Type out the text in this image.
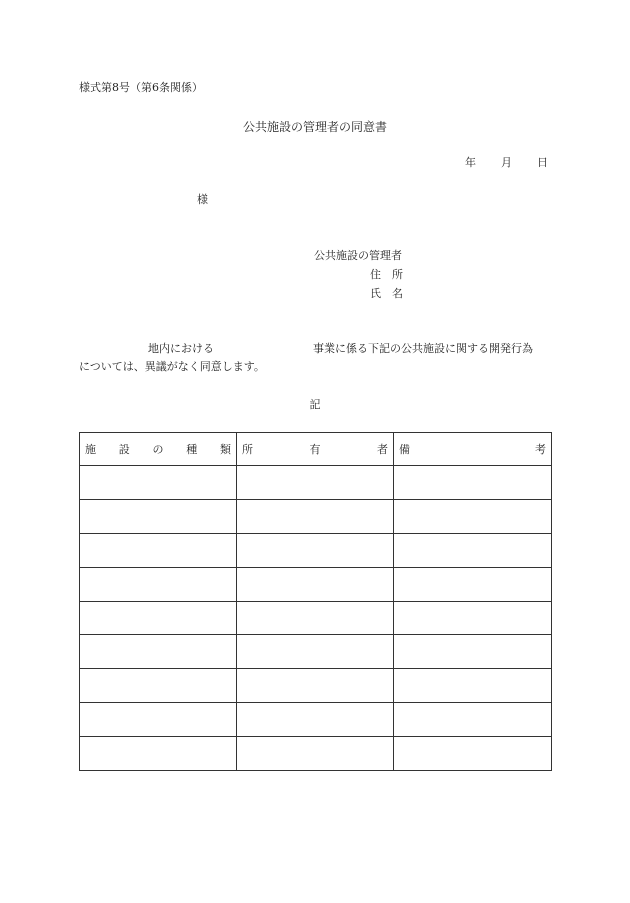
様式第8号（第6条関係）
公共施設の管理者の同意書
年 月 日
様
公共施設の管理者
住　所
氏　名
地内における	事業に係る下記の公共施設に関する開発行為
については、異議がなく同意します。
記
施 設 の 種 類	所 有 者	備 考
